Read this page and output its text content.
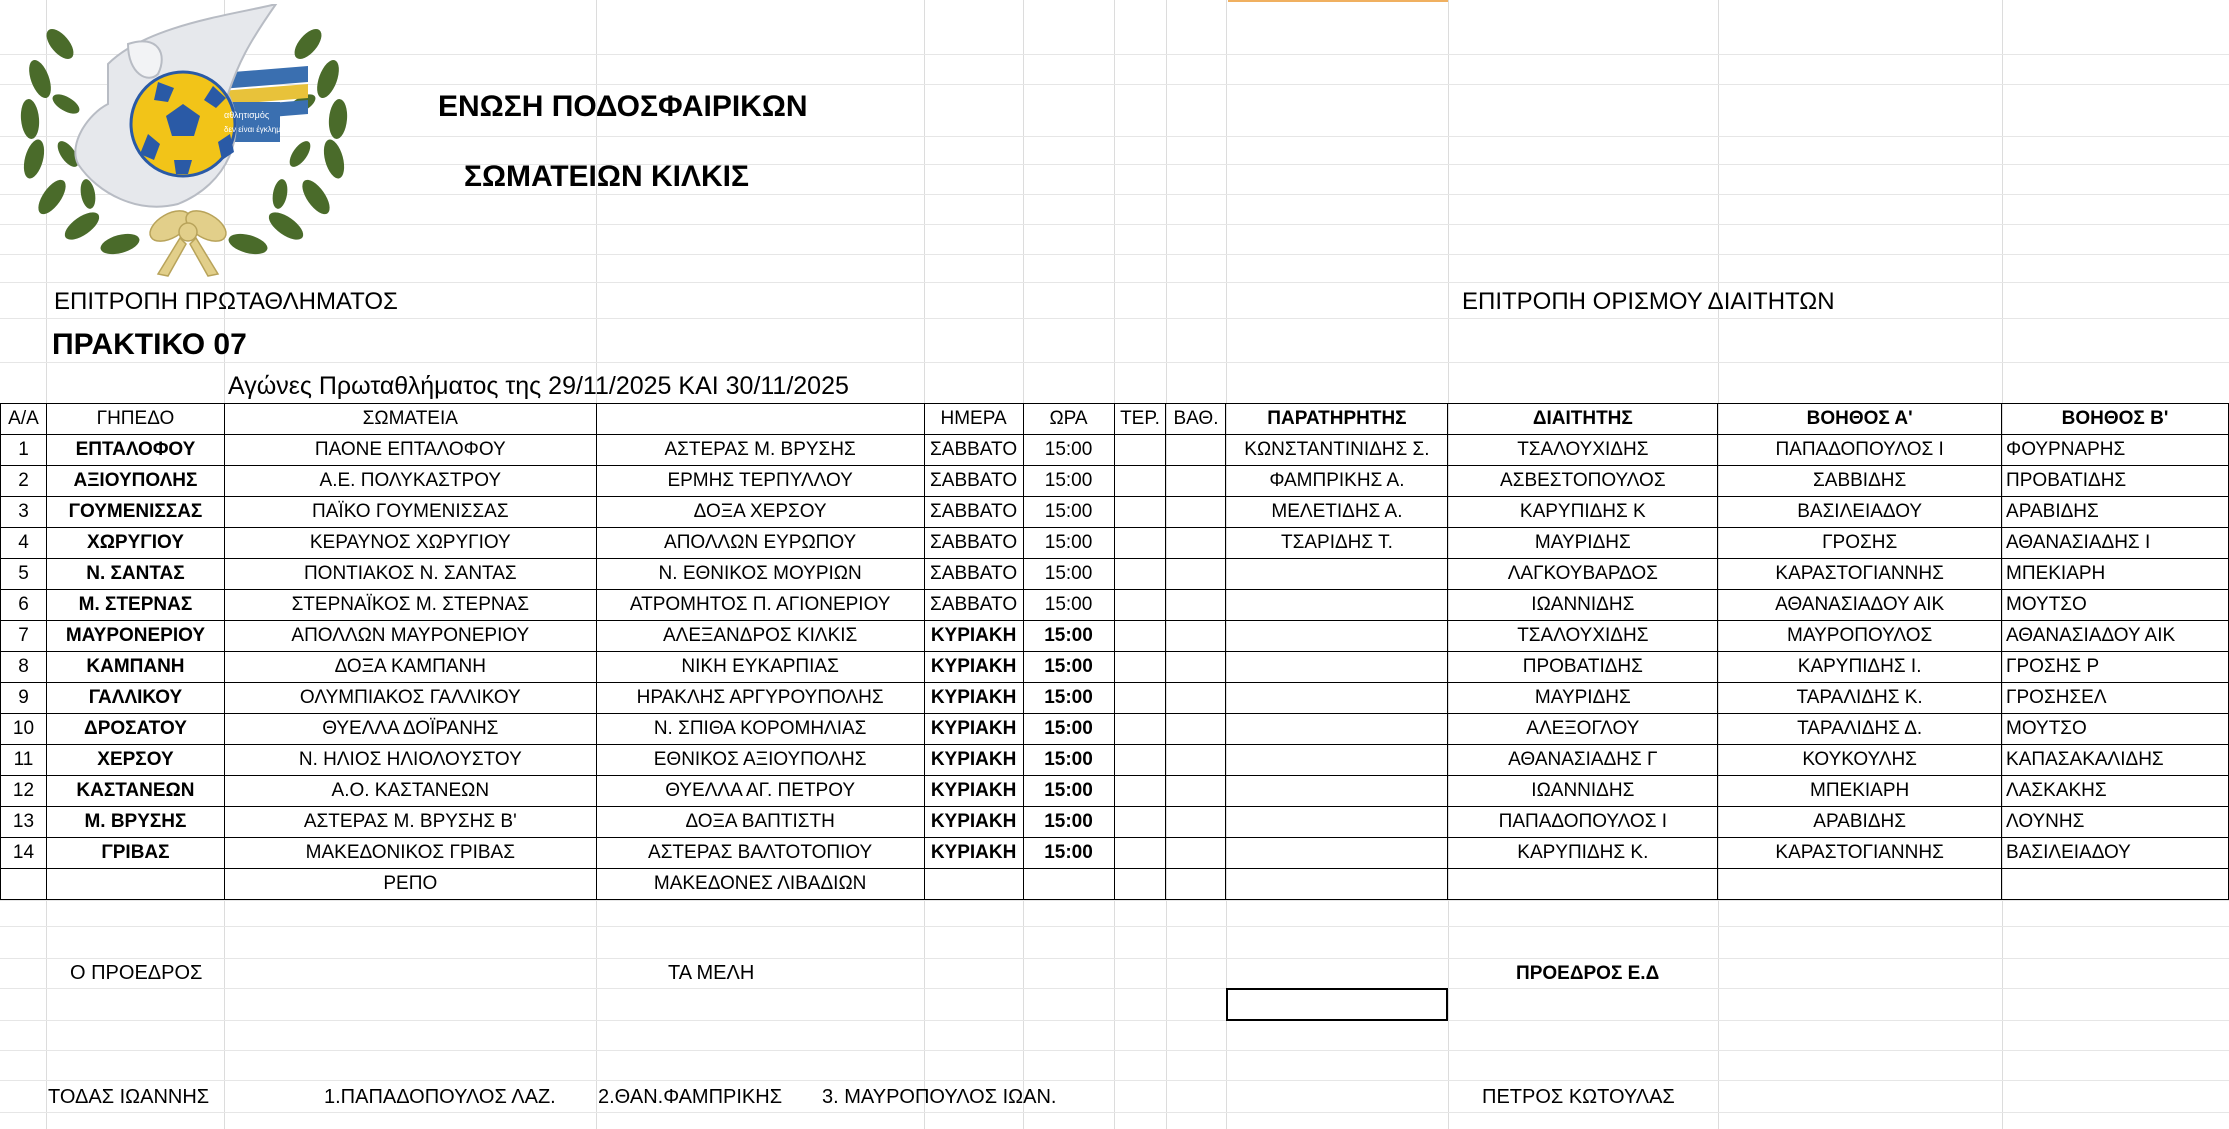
αθλητισμός
δεν είναι έγκλημα
ΕΝΩΣΗ ΠΟΔΟΣΦΑΙΡΙΚΩΝ
ΣΩΜΑΤΕΙΩΝ ΚΙΛΚΙΣ
ΕΠΙΤΡΟΠΗ ΠΡΩΤΑΘΛΗΜΑΤΟΣ	ΕΠΙΤΡΟΠΗ ΟΡΙΣΜΟΥ ΔΙΑΙΤΗΤΩΝ
ΠΡΑΚΤΙΚΟ 07
Αγώνες Πρωταθλήματος της 29/11/2025 ΚΑΙ 30/11/2025
Α/Α	ΓΗΠΕΔΟ	ΣΩΜΑΤΕΙΑ		ΗΜΕΡΑ	ΩΡΑ	ΤΕΡ.	ΒΑΘ.	ΠΑΡΑΤΗΡΗΤΗΣ	ΔΙΑΙΤΗΤΗΣ	ΒΟΗΘΟΣ Α'	ΒΟΗΘΟΣ Β'
1	ΕΠΤΑΛΟΦΟΥ	ΠΑΟΝΕ ΕΠΤΑΛΟΦΟΥ	ΑΣΤΕΡΑΣ Μ. ΒΡΥΣΗΣ	ΣΑΒΒΑΤΟ	15:00			ΚΩΝΣΤΑΝΤΙΝΙΔΗΣ Σ.	ΤΣΑΛΟΥΧΙΔΗΣ	ΠΑΠΑΔΟΠΟΥΛΟΣ Ι	ΦΟΥΡΝΑΡΗΣ
2	ΑΞΙΟΥΠΟΛΗΣ	Α.Ε. ΠΟΛΥΚΑΣΤΡΟΥ	ΕΡΜΗΣ ΤΕΡΠΥΛΛΟΥ	ΣΑΒΒΑΤΟ	15:00			ΦΑΜΠΡΙΚΗΣ Α.	ΑΣΒΕΣΤΟΠΟΥΛΟΣ	ΣΑΒΒΙΔΗΣ	ΠΡΟΒΑΤΙΔΗΣ
3	ΓΟΥΜΕΝΙΣΣΑΣ	ΠΑΪΚΟ ΓΟΥΜΕΝΙΣΣΑΣ	ΔΟΞΑ ΧΕΡΣΟΥ	ΣΑΒΒΑΤΟ	15:00			ΜΕΛΕΤΙΔΗΣ Α.	ΚΑΡΥΠΙΔΗΣ Κ	ΒΑΣΙΛΕΙΑΔΟΥ	ΑΡΑΒΙΔΗΣ
4	ΧΩΡΥΓΙΟΥ	ΚΕΡΑΥΝΟΣ ΧΩΡΥΓΙΟΥ	ΑΠΟΛΛΩΝ ΕΥΡΩΠΟΥ	ΣΑΒΒΑΤΟ	15:00			ΤΣΑΡΙΔΗΣ Τ.	ΜΑΥΡΙΔΗΣ	ΓΡΟΣΗΣ	ΑΘΑΝΑΣΙΑΔΗΣ Ι
5	Ν. ΣΑΝΤΑΣ	ΠΟΝΤΙΑΚΟΣ Ν. ΣΑΝΤΑΣ	Ν. ΕΘΝΙΚΟΣ ΜΟΥΡΙΩΝ	ΣΑΒΒΑΤΟ	15:00				ΛΑΓΚΟΥΒΑΡΔΟΣ	ΚΑΡΑΣΤΟΓΙΑΝΝΗΣ	ΜΠΕΚΙΑΡΗ
6	Μ. ΣΤΕΡΝΑΣ	ΣΤΕΡΝΑΪΚΟΣ Μ. ΣΤΕΡΝΑΣ	ΑΤΡΟΜΗΤΟΣ Π. ΑΓΙΟΝΕΡΙΟΥ	ΣΑΒΒΑΤΟ	15:00				ΙΩΑΝΝΙΔΗΣ	ΑΘΑΝΑΣΙΑΔΟΥ ΑΙΚ	ΜΟΥΤΣΟ
7	ΜΑΥΡΟΝΕΡΙΟΥ	ΑΠΟΛΛΩΝ ΜΑΥΡΟΝΕΡΙΟΥ	ΑΛΕΞΑΝΔΡΟΣ ΚΙΛΚΙΣ	ΚΥΡΙΑΚΗ	15:00				ΤΣΑΛΟΥΧΙΔΗΣ	ΜΑΥΡΟΠΟΥΛΟΣ	ΑΘΑΝΑΣΙΑΔΟΥ ΑΙΚ
8	ΚΑΜΠΑΝΗ	ΔΟΞΑ ΚΑΜΠΑΝΗ	ΝΙΚΗ ΕΥΚΑΡΠΙΑΣ	ΚΥΡΙΑΚΗ	15:00				ΠΡΟΒΑΤΙΔΗΣ	ΚΑΡΥΠΙΔΗΣ Ι.	ΓΡΟΣΗΣ Ρ
9	ΓΑΛΛΙΚΟΥ	ΟΛΥΜΠΙΑΚΟΣ ΓΑΛΛΙΚΟΥ	ΗΡΑΚΛΗΣ ΑΡΓΥΡΟΥΠΟΛΗΣ	ΚΥΡΙΑΚΗ	15:00				ΜΑΥΡΙΔΗΣ	ΤΑΡΑΛΙΔΗΣ Κ.	ΓΡΟΣΗΣΕΛ
10	ΔΡΟΣΑΤΟΥ	ΘΥΕΛΛΑ ΔΟΪΡΑΝΗΣ	Ν. ΣΠΙΘΑ ΚΟΡΟΜΗΛΙΑΣ	ΚΥΡΙΑΚΗ	15:00				ΑΛΕΞΟΓΛΟΥ	ΤΑΡΑΛΙΔΗΣ Δ.	ΜΟΥΤΣΟ
11	ΧΕΡΣΟΥ	Ν. ΗΛΙΟΣ ΗΛΙΟΛΟΥΣΤΟΥ	ΕΘΝΙΚΟΣ ΑΞΙΟΥΠΟΛΗΣ	ΚΥΡΙΑΚΗ	15:00				ΑΘΑΝΑΣΙΑΔΗΣ Γ	ΚΟΥΚΟΥΛΗΣ	ΚΑΠΑΣΑΚΑΛΙΔΗΣ
12	ΚΑΣΤΑΝΕΩΝ	Α.Ο. ΚΑΣΤΑΝΕΩΝ	ΘΥΕΛΛΑ ΑΓ. ΠΕΤΡΟΥ	ΚΥΡΙΑΚΗ	15:00				ΙΩΑΝΝΙΔΗΣ	ΜΠΕΚΙΑΡΗ	ΛΑΣΚΑΚΗΣ
13	Μ. ΒΡΥΣΗΣ	ΑΣΤΕΡΑΣ Μ. ΒΡΥΣΗΣ Β'	ΔΟΞΑ ΒΑΠΤΙΣΤΗ	ΚΥΡΙΑΚΗ	15:00				ΠΑΠΑΔΟΠΟΥΛΟΣ Ι	ΑΡΑΒΙΔΗΣ	ΛΟΥΝΗΣ
14	ΓΡΙΒΑΣ	ΜΑΚΕΔΟΝΙΚΟΣ ΓΡΙΒΑΣ	ΑΣΤΕΡΑΣ ΒΑΛΤΟΤΟΠΙΟΥ	ΚΥΡΙΑΚΗ	15:00				ΚΑΡΥΠΙΔΗΣ Κ.	ΚΑΡΑΣΤΟΓΙΑΝΝΗΣ	ΒΑΣΙΛΕΙΑΔΟΥ
		ΡΕΠΟ	ΜΑΚΕΔΟΝΕΣ ΛΙΒΑΔΙΩΝ								
Ο ΠΡΟΕΔΡΟΣ	ΤΑ ΜΕΛΗ	ΠΡΟΕΔΡΟΣ Ε.Δ
ΤΟΔΑΣ ΙΩΑΝΝΗΣ	1.ΠΑΠΑΔΟΠΟΥΛΟΣ ΛΑΖ. 2.ΘΑΝ.ΦΑΜΠΡΙΚΗΣ 3. ΜΑΥΡΟΠΟΥΛΟΣ ΙΩΑΝ.	ΠΕΤΡΟΣ ΚΩΤΟΥΛΑΣ
